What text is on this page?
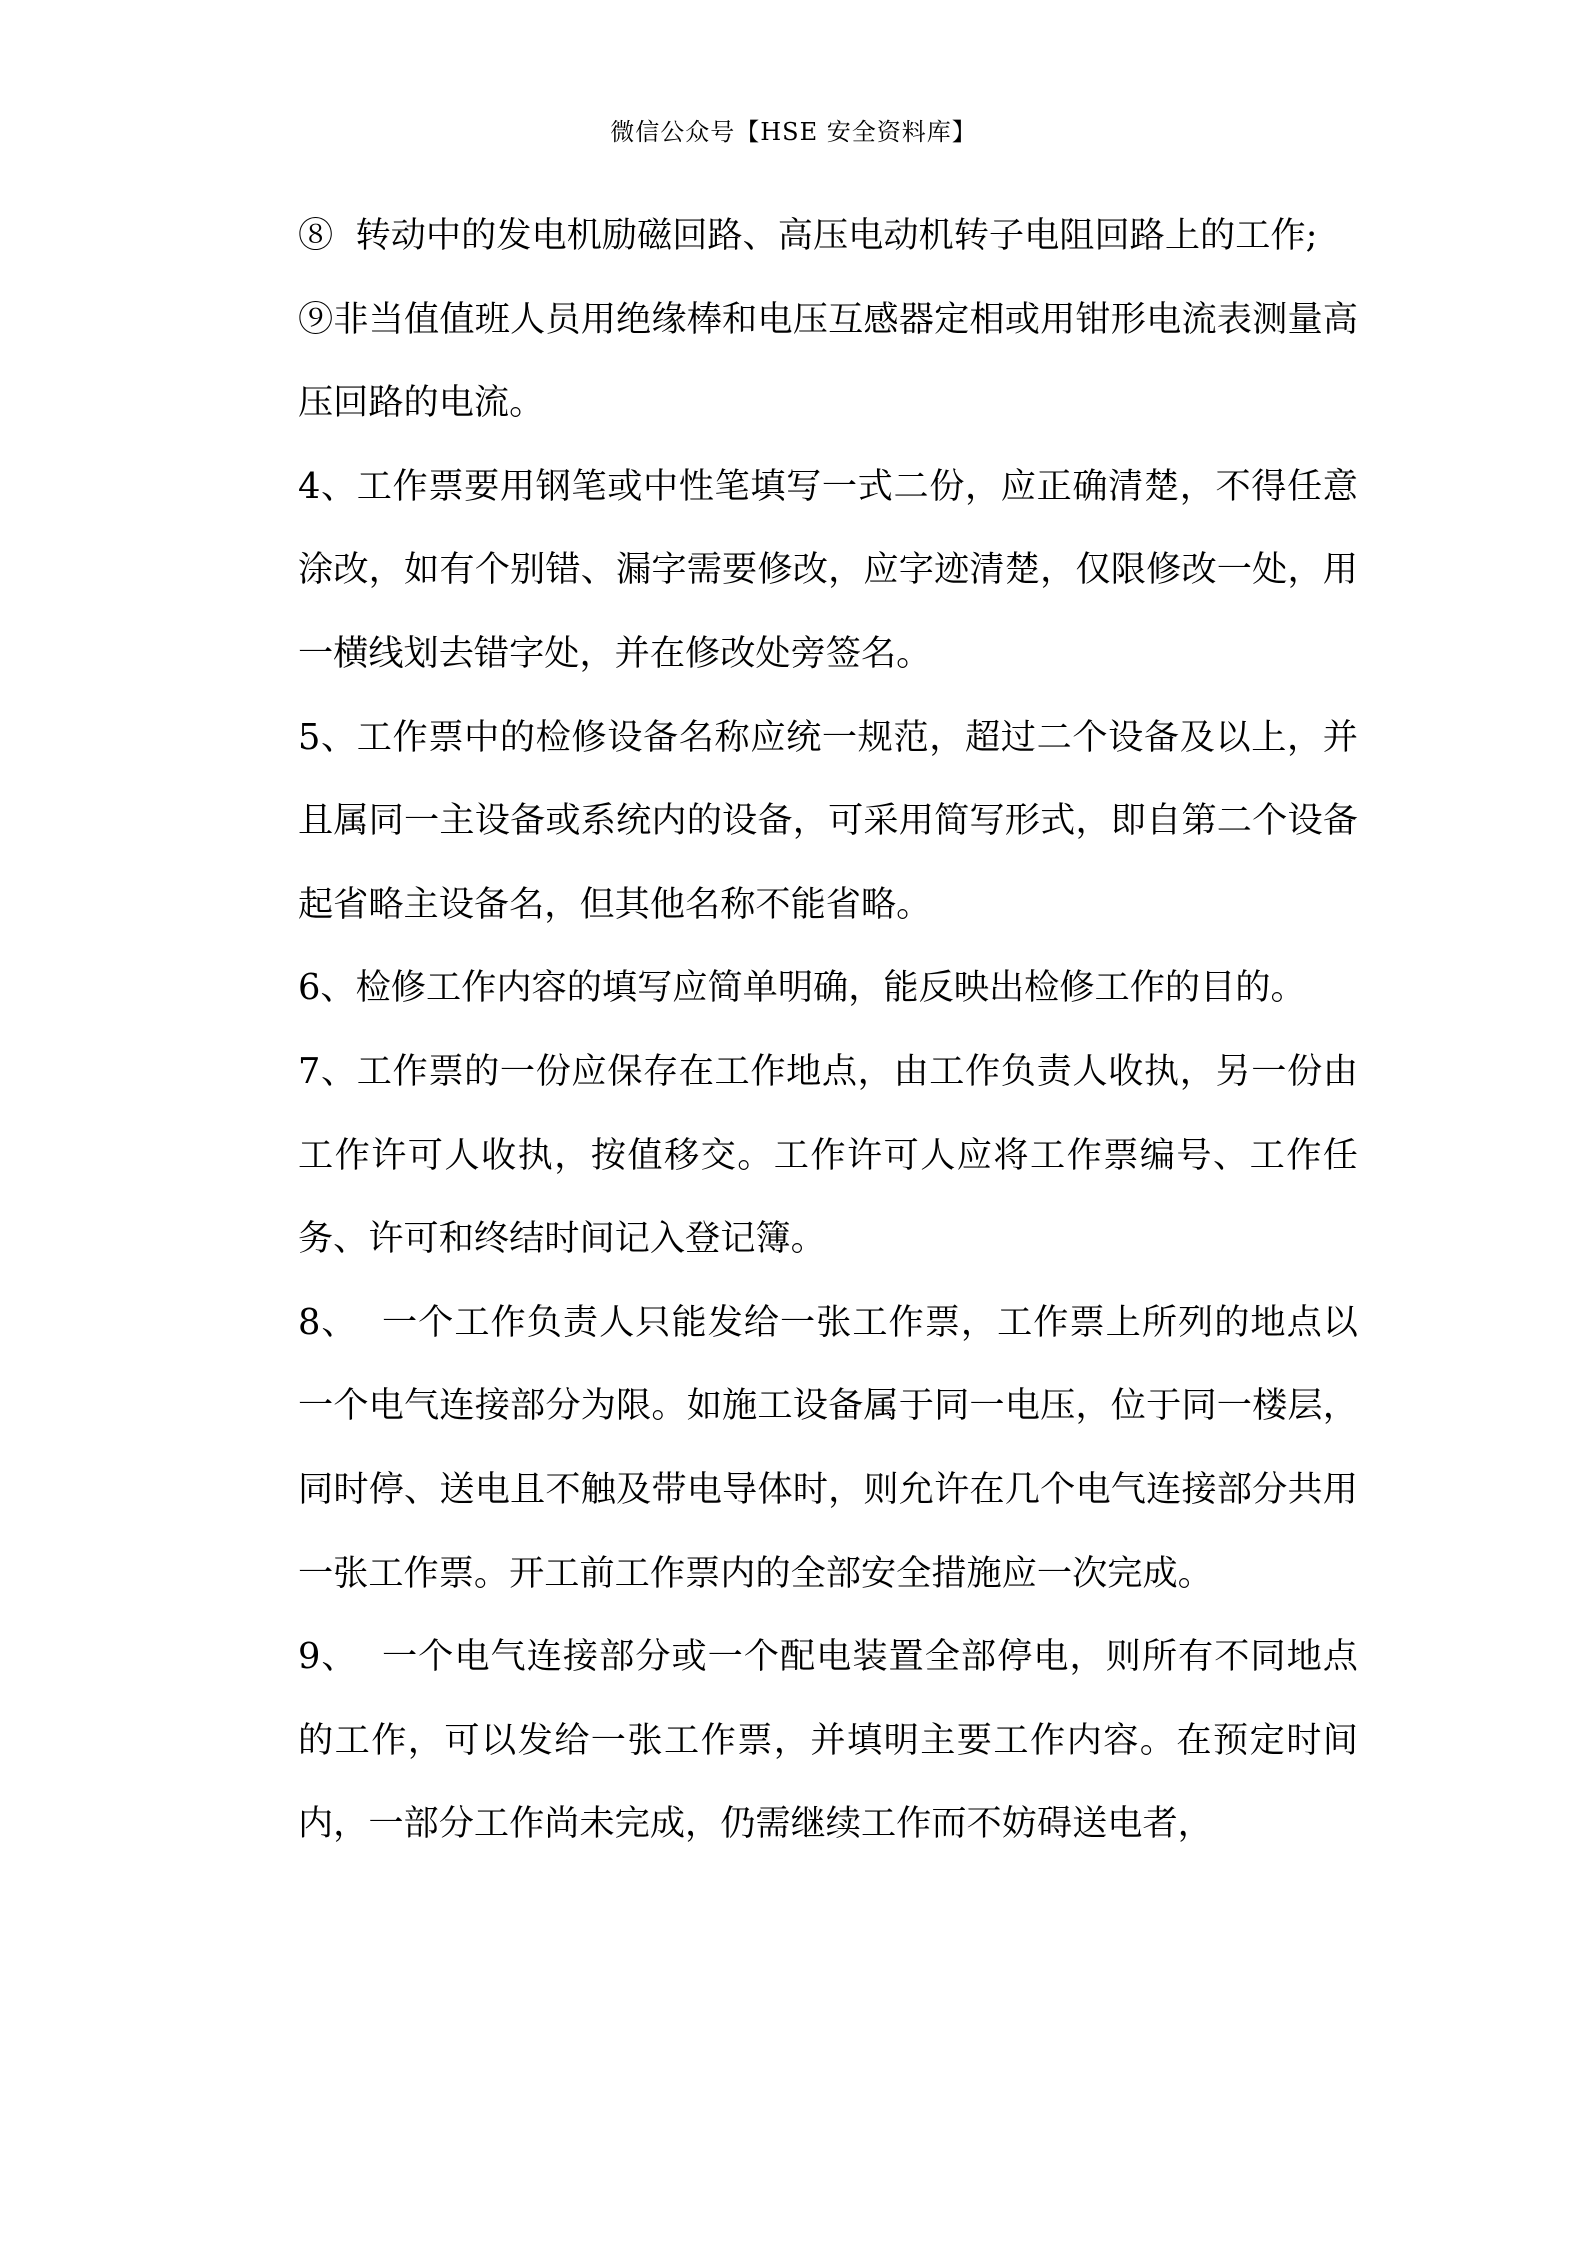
微信公众号【HSE 安全资料库】

⑧  转动中的发电机励磁回路、高压电动机转子电阻回路上的工作;

⑨非当值值班人员用绝缘棒和电压互感器定相或用钳形电流表测量高压回路的电流。

4、工作票要用钢笔或中性笔填写一式二份，应正确清楚，不得任意涂改，如有个别错、漏字需要修改，应字迹清楚，仅限修改一处，用一横线划去错字处，并在修改处旁签名。

5、工作票中的检修设备名称应统一规范，超过二个设备及以上，并且属同一主设备或系统内的设备，可采用简写形式，即自第二个设备起省略主设备名，但其他名称不能省略。

6、检修工作内容的填写应简单明确，能反映出检修工作的目的。

7、工作票的一份应保存在工作地点，由工作负责人收执，另一份由工作许可人收执，按值移交。工作许可人应将工作票编号、工作任务、许可和终结时间记入登记簿。

8、  一个工作负责人只能发给一张工作票，工作票上所列的地点以一个电气连接部分为限。如施工设备属于同一电压，位于同一楼层，同时停、送电且不触及带电导体时，则允许在几个电气连接部分共用一张工作票。开工前工作票内的全部安全措施应一次完成。

9、  一个电气连接部分或一个配电装置全部停电，则所有不同地点的工作，可以发给一张工作票，并填明主要工作内容。在预定时间内，一部分工作尚未完成，仍需继续工作而不妨碍送电者，
